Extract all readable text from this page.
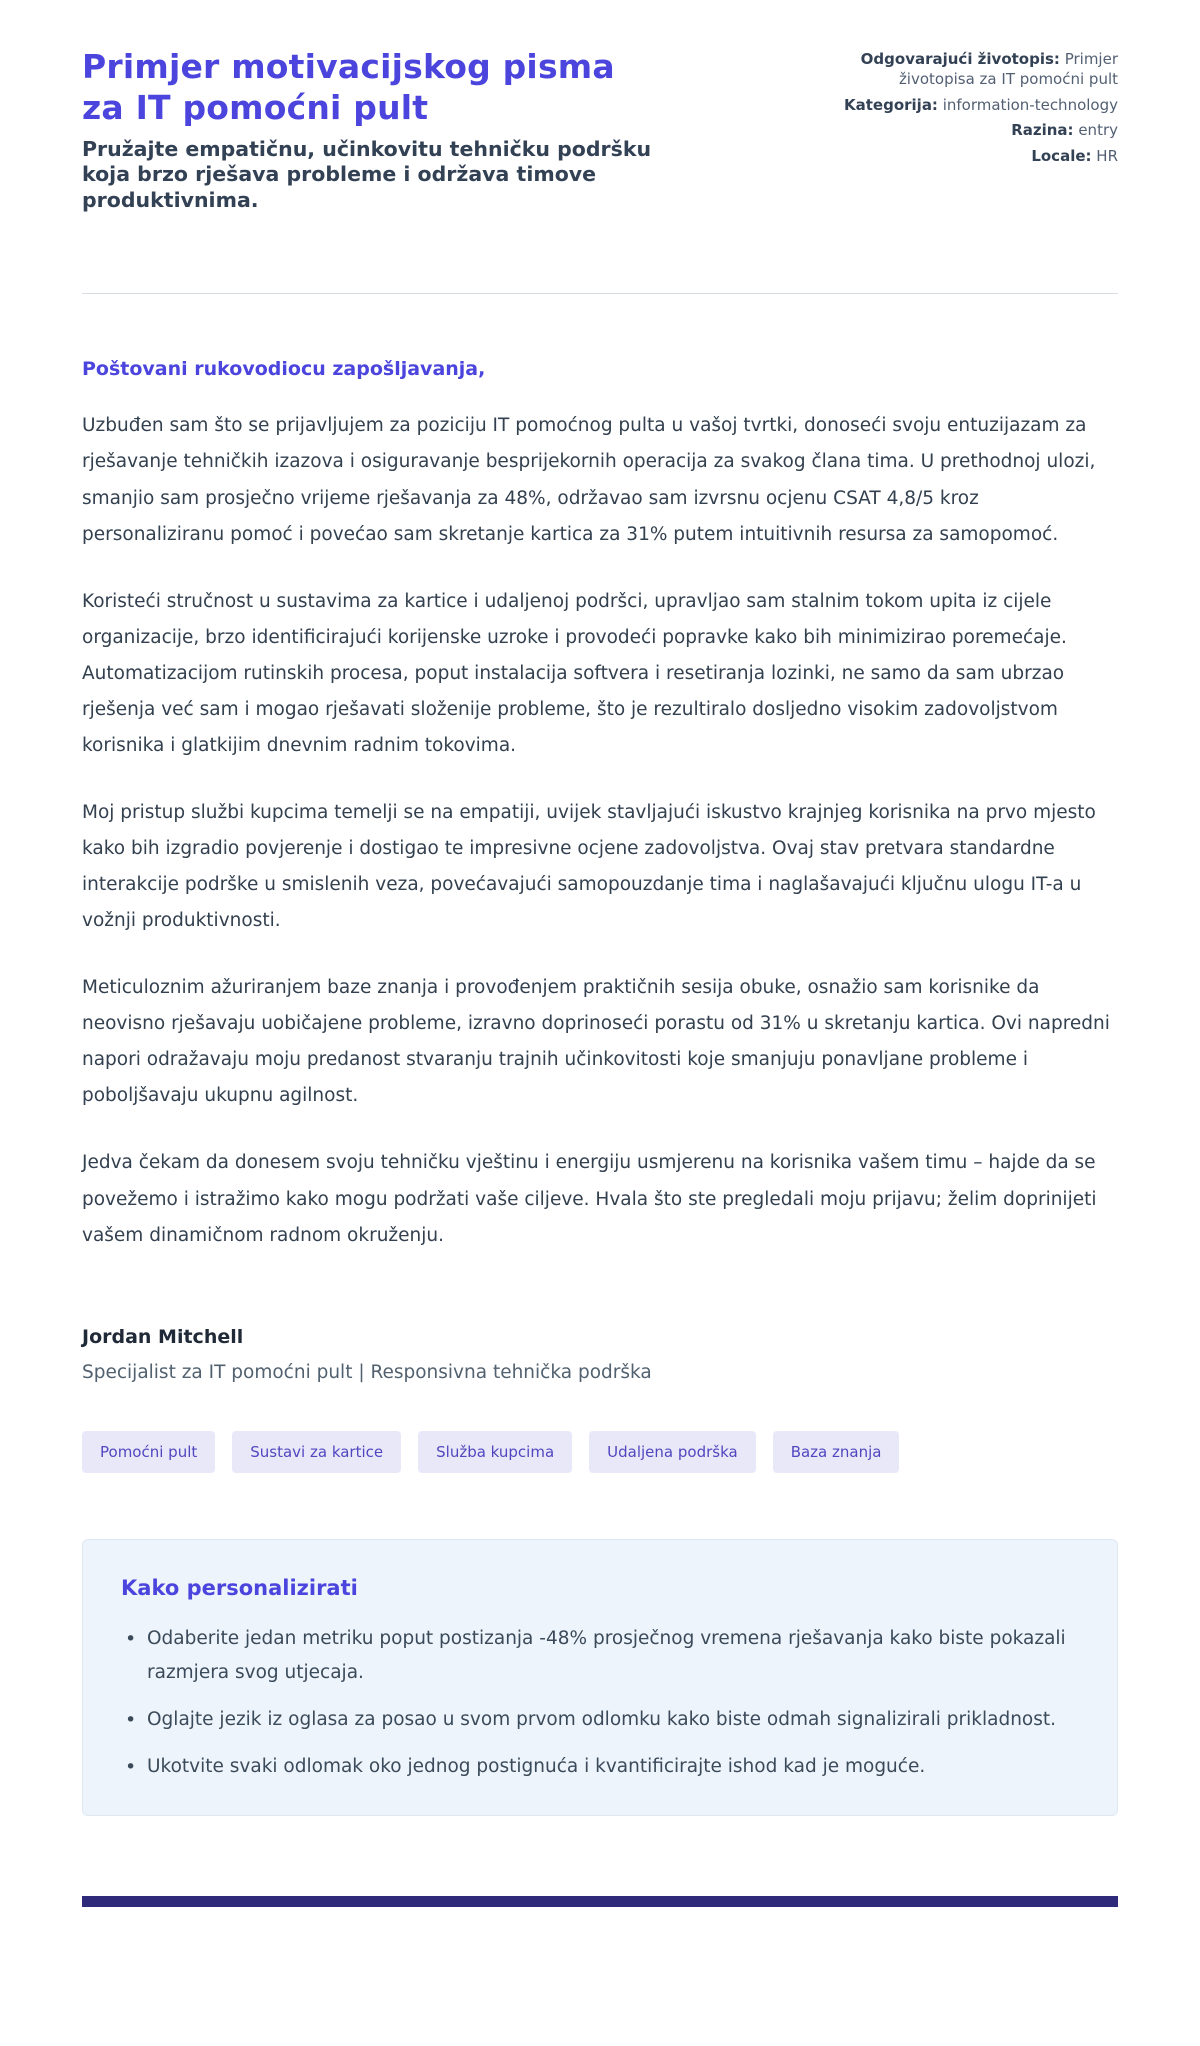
Primjer motivacijskog pisma za IT pomoćni pult

Pružajte empatičnu, učinkovitu tehničku podršku koja brzo rješava probleme i održava timove produktivnima.

Odgovarajući životopis: Primjer životopisa za IT pomoćni pult
Kategorija: information-technology
Razina: entry
Locale: HR

Poštovani rukovodiocu zapošljavanja,

Uzbuđen sam što se prijavljujem za poziciju IT pomoćnog pulta u vašoj tvrtki, donoseći svoju entuzijazam za rješavanje tehničkih izazova i osiguravanje besprijekornih operacija za svakog člana tima. U prethodnoj ulozi, smanjio sam prosječno vrijeme rješavanja za 48%, održavao sam izvrsnu ocjenu CSAT 4,8/5 kroz personaliziranu pomoć i povećao sam skretanje kartica za 31% putem intuitivnih resursa za samopomoć.

Koristeći stručnost u sustavima za kartice i udaljenoj podršci, upravljao sam stalnim tokom upita iz cijele organizacije, brzo identificirajući korijenske uzroke i provodeći popravke kako bih minimizirao poremećaje. Automatizacijom rutinskih procesa, poput instalacija softvera i resetiranja lozinki, ne samo da sam ubrzao rješenja već sam i mogao rješavati složenije probleme, što je rezultiralo dosljedno visokim zadovoljstvom korisnika i glatkijim dnevnim radnim tokovima.

Moj pristup službi kupcima temelji se na empatiji, uvijek stavljajući iskustvo krajnjeg korisnika na prvo mjesto kako bih izgradio povjerenje i dostigao te impresivne ocjene zadovoljstva. Ovaj stav pretvara standardne interakcije podrške u smislenih veza, povećavajući samopouzdanje tima i naglašavajući ključnu ulogu IT-a u vožnji produktivnosti.

Meticuloznim ažuriranjem baze znanja i provođenjem praktičnih sesija obuke, osnažio sam korisnike da neovisno rješavaju uobičajene probleme, izravno doprinoseći porastu od 31% u skretanju kartica. Ovi napredni napori odražavaju moju predanost stvaranju trajnih učinkovitosti koje smanjuju ponavljane probleme i poboljšavaju ukupnu agilnost.

Jedva čekam da donesem svoju tehničku vještinu i energiju usmjerenu na korisnika vašem timu – hajde da se povežemo i istražimo kako mogu podržati vaše ciljeve. Hvala što ste pregledali moju prijavu; želim doprinijeti vašem dinamičnom radnom okruženju.

Jordan Mitchell

Specijalist za IT pomoćni pult | Responsivna tehnička podrška

Pomoćni pult	Sustavi za kartice	Služba kupcima	Udaljena podrška	Baza znanja
Kako personalizirati
• Odaberite jedan metriku poput postizanja -48% prosječnog vremena rješavanja kako biste pokazali razmjera svog utjecaja.
• Oglajte jezik iz oglasa za posao u svom prvom odlomku kako biste odmah signalizirali prikladnost.
• Ukotvite svaki odlomak oko jednog postignuća i kvantificirajte ishod kad je moguće.
